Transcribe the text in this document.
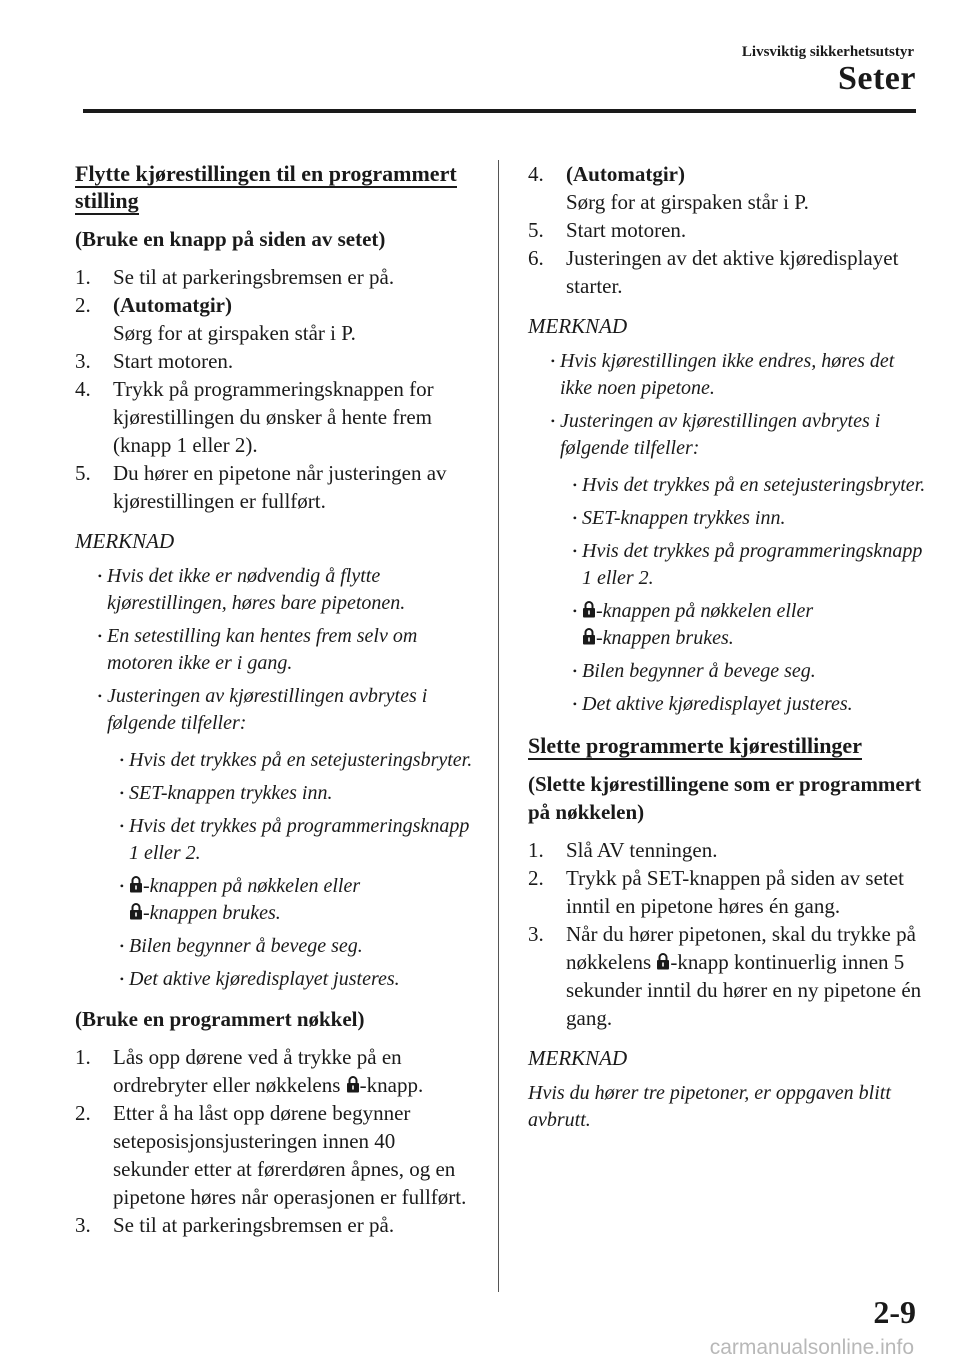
Livsviktig sikkerhetsutstyr
Seter
Flytte kjørestillingen til en programmert stilling
(Bruke en knapp på siden av setet)
1.	Se til at parkeringsbremsen er på.
2.	(Automatgir)
Sørg for at girspaken står i P.
3.	Start motoren.
4.	Trykk på programmeringsknappen for kjørestillingen du ønsker å hente frem (knapp 1 eller 2).
5.	Du hører en pipetone når justeringen av kjørestillingen er fullført.
MERKNAD
• Hvis det ikke er nødvendig å flytte kjørestillingen, høres bare pipetonen.
• En setestilling kan hentes frem selv om motoren ikke er i gang.
• Justeringen av kjørestillingen avbrytes i følgende tilfeller:
• Hvis det trykkes på en setejusteringsbryter.
• SET-knappen trykkes inn.
• Hvis det trykkes på programmeringsknapp 1 eller 2.
• -knappen på nøkkelen eller
-knappen brukes.
• Bilen begynner å bevege seg.
• Det aktive kjøredisplayet justeres.
(Bruke en programmert nøkkel)
1.	Lås opp dørene ved å trykke på en ordrebryter eller nøkkelens -knapp.
2.	Etter å ha låst opp dørene begynner seteposisjonsjusteringen innen 40 sekunder etter at førerdøren åpnes, og en pipetone høres når operasjonen er fullført.
3.	Se til at parkeringsbremsen er på.
4.	(Automatgir)
Sørg for at girspaken står i P.
5.	Start motoren.
6.	Justeringen av det aktive kjøredisplayet starter.
MERKNAD
• Hvis kjørestillingen ikke endres, høres det ikke noen pipetone.
• Justeringen av kjørestillingen avbrytes i følgende tilfeller:
• Hvis det trykkes på en setejusteringsbryter.
• SET-knappen trykkes inn.
• Hvis det trykkes på programmeringsknapp 1 eller 2.
• -knappen på nøkkelen eller
-knappen brukes.
• Bilen begynner å bevege seg.
• Det aktive kjøredisplayet justeres.
Slette programmerte kjørestillinger
(Slette kjørestillingene som er programmert på nøkkelen)
1.	Slå AV tenningen.
2.	Trykk på SET-knappen på siden av setet inntil en pipetone høres én gang.
3.	Når du hører pipetonen, skal du trykke på nøkkelens -knapp kontinuerlig innen 5 sekunder inntil du hører en ny pipetone én gang.
MERKNAD

Hvis du hører tre pipetoner, er oppgaven blitt avbrutt.

2-9
carmanualsonline.info
